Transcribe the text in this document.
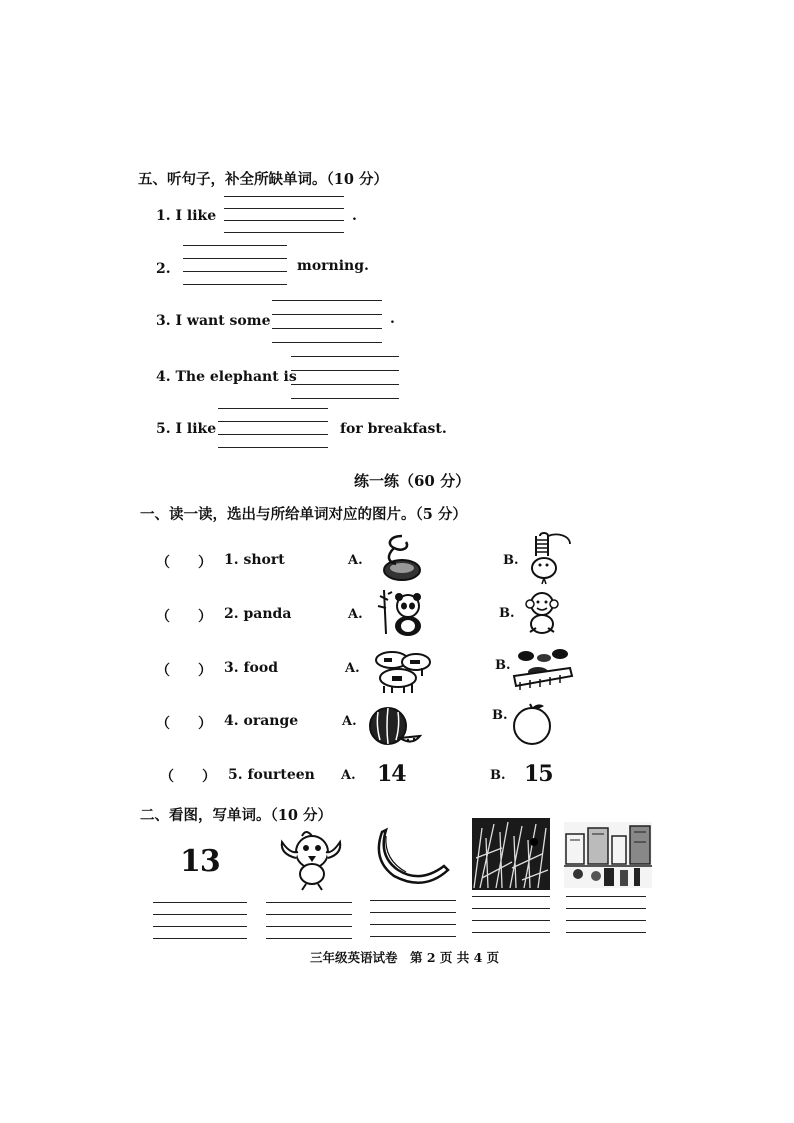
五、听句子，补全所缺单词。（10 分）
1. I like	.
2.	morning.
3. I want some	.
4. The elephant is
5. I like	for breakfast.
练一练（60 分）
一、读一读，选出与所给单词对应的图片。（5 分）
（　　） 1. short	A.	B.
（　　） 2. panda	A.	B.
（　　） 3. food	A.	B.
（　　） 4. orange	A.	B.
（　　） 5. fourteen A. 14	B. 15
二、看图，写单词。（10 分）
13
三年级英语试卷　第 2 页 共 4 页
